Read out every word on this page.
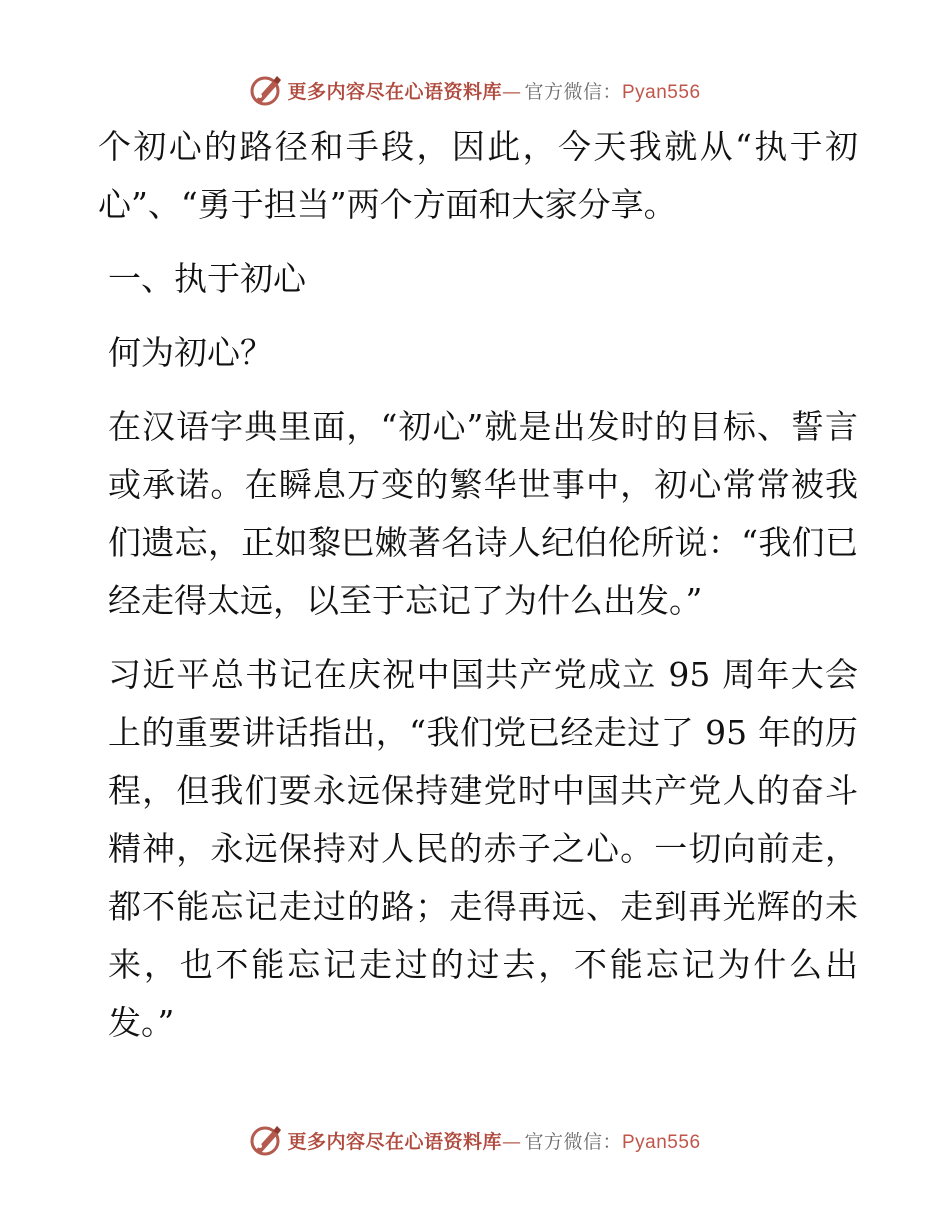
更多内容尽在心语资料库— 官方微信：Pyan556

个初心的路径和手段，因此，今天我就从“执于初心”、“勇于担当”两个方面和大家分享。

一、执于初心

何为初心？

在汉语字典里面，“初心”就是出发时的目标、誓言或承诺。在瞬息万变的繁华世事中，初心常常被我们遗忘，正如黎巴嫩著名诗人纪伯伦所说：“我们已经走得太远，以至于忘记了为什么出发。”

习近平总书记在庆祝中国共产党成立 95 周年大会上的重要讲话指出，“我们党已经走过了 95 年的历程，但我们要永远保持建党时中国共产党人的奋斗精神，永远保持对人民的赤子之心。一切向前走，都不能忘记走过的路；走得再远、走到再光辉的未来，也不能忘记走过的过去，不能忘记为什么出发。”

更多内容尽在心语资料库— 官方微信：Pyan556
